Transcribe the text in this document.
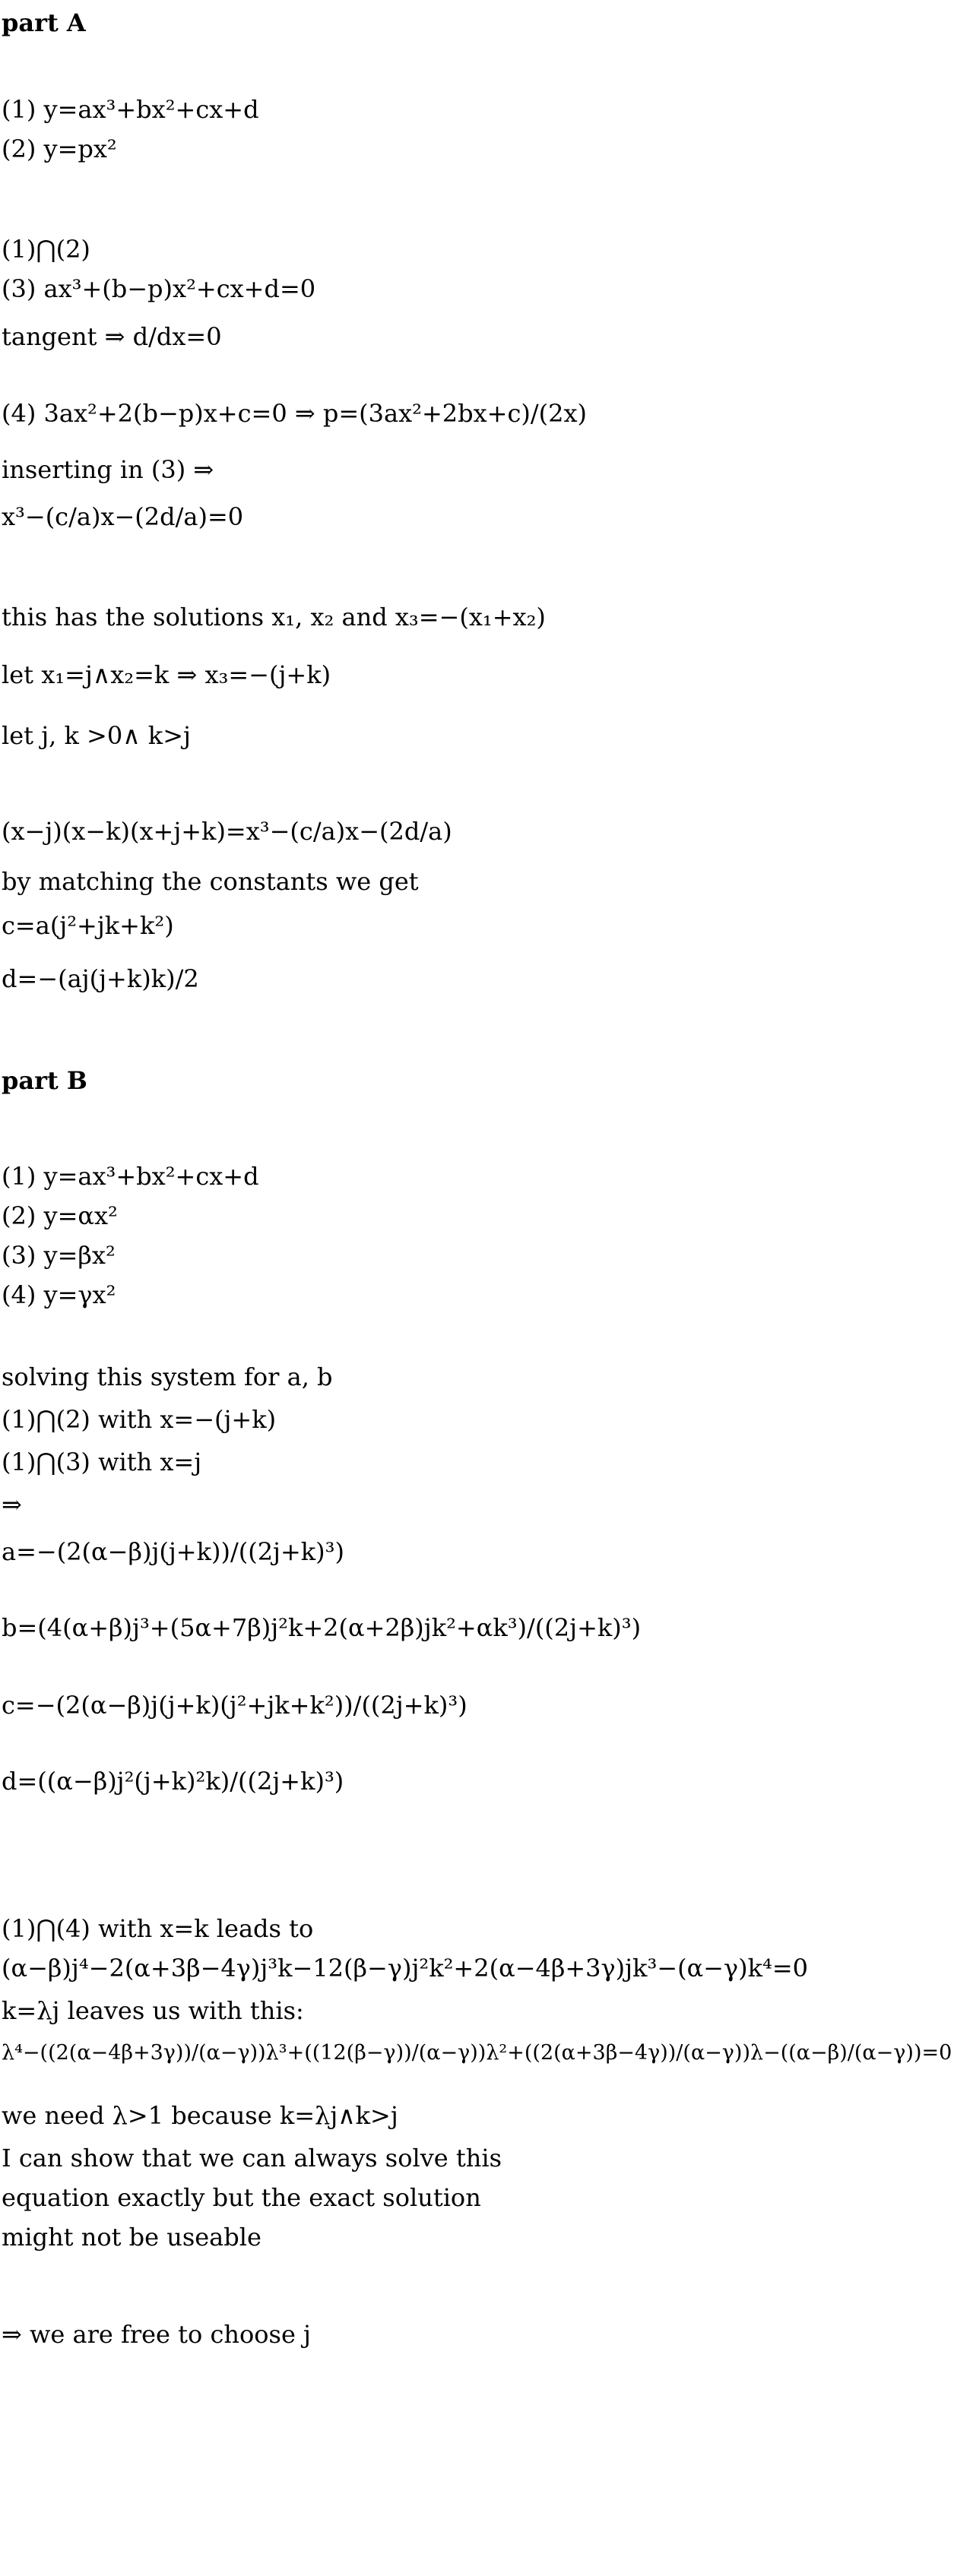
part A
(1) y=ax³+bx²+cx+d
(2) y=px²
(1)⋂(2)
(3) ax³+(b−p)x²+cx+d=0
tangent ⇒ d/dx=0
(4) 3ax²+2(b−p)x+c=0 ⇒ p=(3ax²+2bx+c)/(2x)
inserting in (3) ⇒
x³−(c/a)x−(2d/a)=0
this has the solutions x₁, x₂ and x₃=−(x₁+x₂)
let x₁=j∧x₂=k ⇒ x₃=−(j+k)
let j, k >0∧ k>j
(x−j)(x−k)(x+j+k)=x³−(c/a)x−(2d/a)
by matching the constants we get
c=a(j²+jk+k²)
d=−(aj(j+k)k)/2
part B
(1) y=ax³+bx²+cx+d
(2) y=αx²
(3) y=βx²
(4) y=γx²
solving this system for a, b
(1)⋂(2) with x=−(j+k)
(1)⋂(3) with x=j
⇒
a=−(2(α−β)j(j+k))/((2j+k)³)
b=(4(α+β)j³+(5α+7β)j²k+2(α+2β)jk²+αk³)/((2j+k)³)
c=−(2(α−β)j(j+k)(j²+jk+k²))/((2j+k)³)
d=((α−β)j²(j+k)²k)/((2j+k)³)
(1)⋂(4) with x=k leads to
(α−β)j⁴−2(α+3β−4γ)j³k−12(β−γ)j²k²+2(α−4β+3γ)jk³−(α−γ)k⁴=0
k=λj leaves us with this:
λ⁴−((2(α−4β+3γ))/(α−γ))λ³+((12(β−γ))/(α−γ))λ²+((2(α+3β−4γ))/(α−γ))λ−((α−β)/(α−γ))=0
we need λ>1 because k=λj∧k>j
I can show that we can always solve this
equation exactly but the exact solution
might not be useable
⇒ we are free to choose j
